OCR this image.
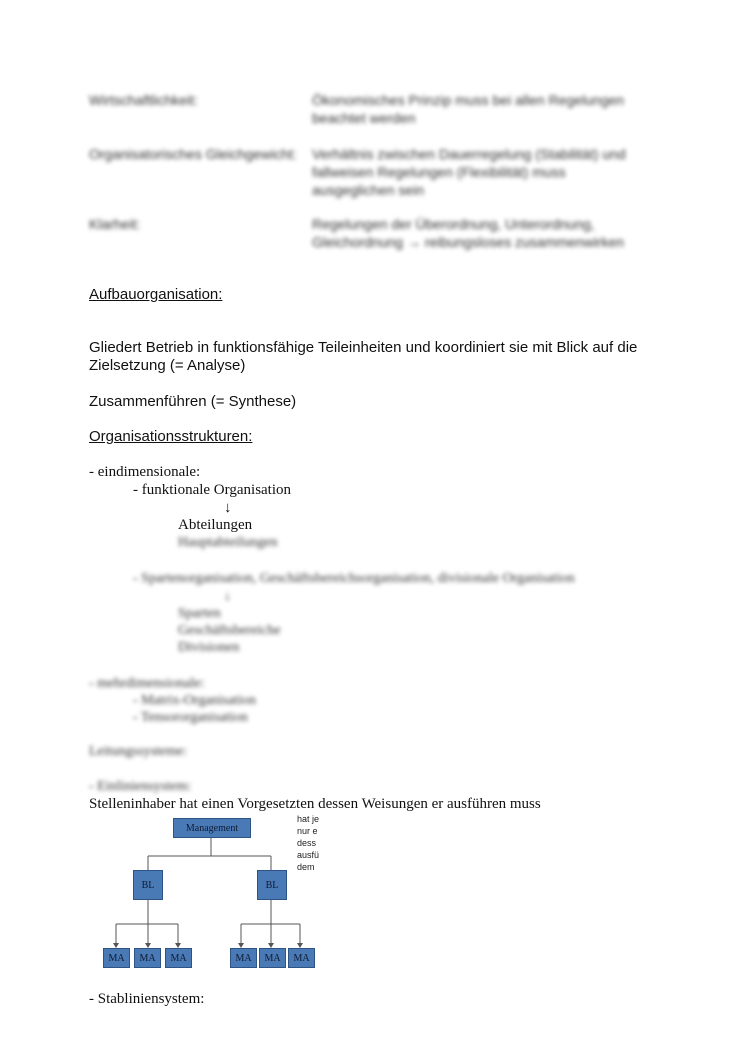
Wirtschaftlichkeit:	Ökonomisches Prinzip muss bei allen Regelungen
beachtet werden
Organisatorisches Gleichgewicht: Verhältnis zwischen Dauerregelung (Stabilität) und
fallweisen Regelungen (Flexibilität) muss
ausgeglichen sein
Klarheit:	Regelungen der Überordnung, Unterordnung,
Gleichordnung → reibungsloses zusammenwirken
Aufbauorganisation:
Gliedert Betrieb in funktionsfähige Teileinheiten und koordiniert sie mit Blick auf die
Zielsetzung (= Analyse)
Zusammenführen (= Synthese)
Organisationsstrukturen:
- eindimensionale:
- funktionale Organisation
↓
Abteilungen
Hauptabteilungen
- Spartenorganisation, Geschäftsbereichsorganisation, divisionale Organisation
↓
Sparten
Geschäftsbereiche
Divisionen
- mehrdimensionale:
- Matrix-Organisation
- Tensororganisation
Leitungssysteme:
- Einliniensystem:
Stelleninhaber hat einen Vorgesetzten dessen Weisungen er ausführen muss
hat je
nur e
dess
ausfü
dem
Management
BL	BL
MA	MA	MA	MA	MA	MA
- Stabliniensystem:
